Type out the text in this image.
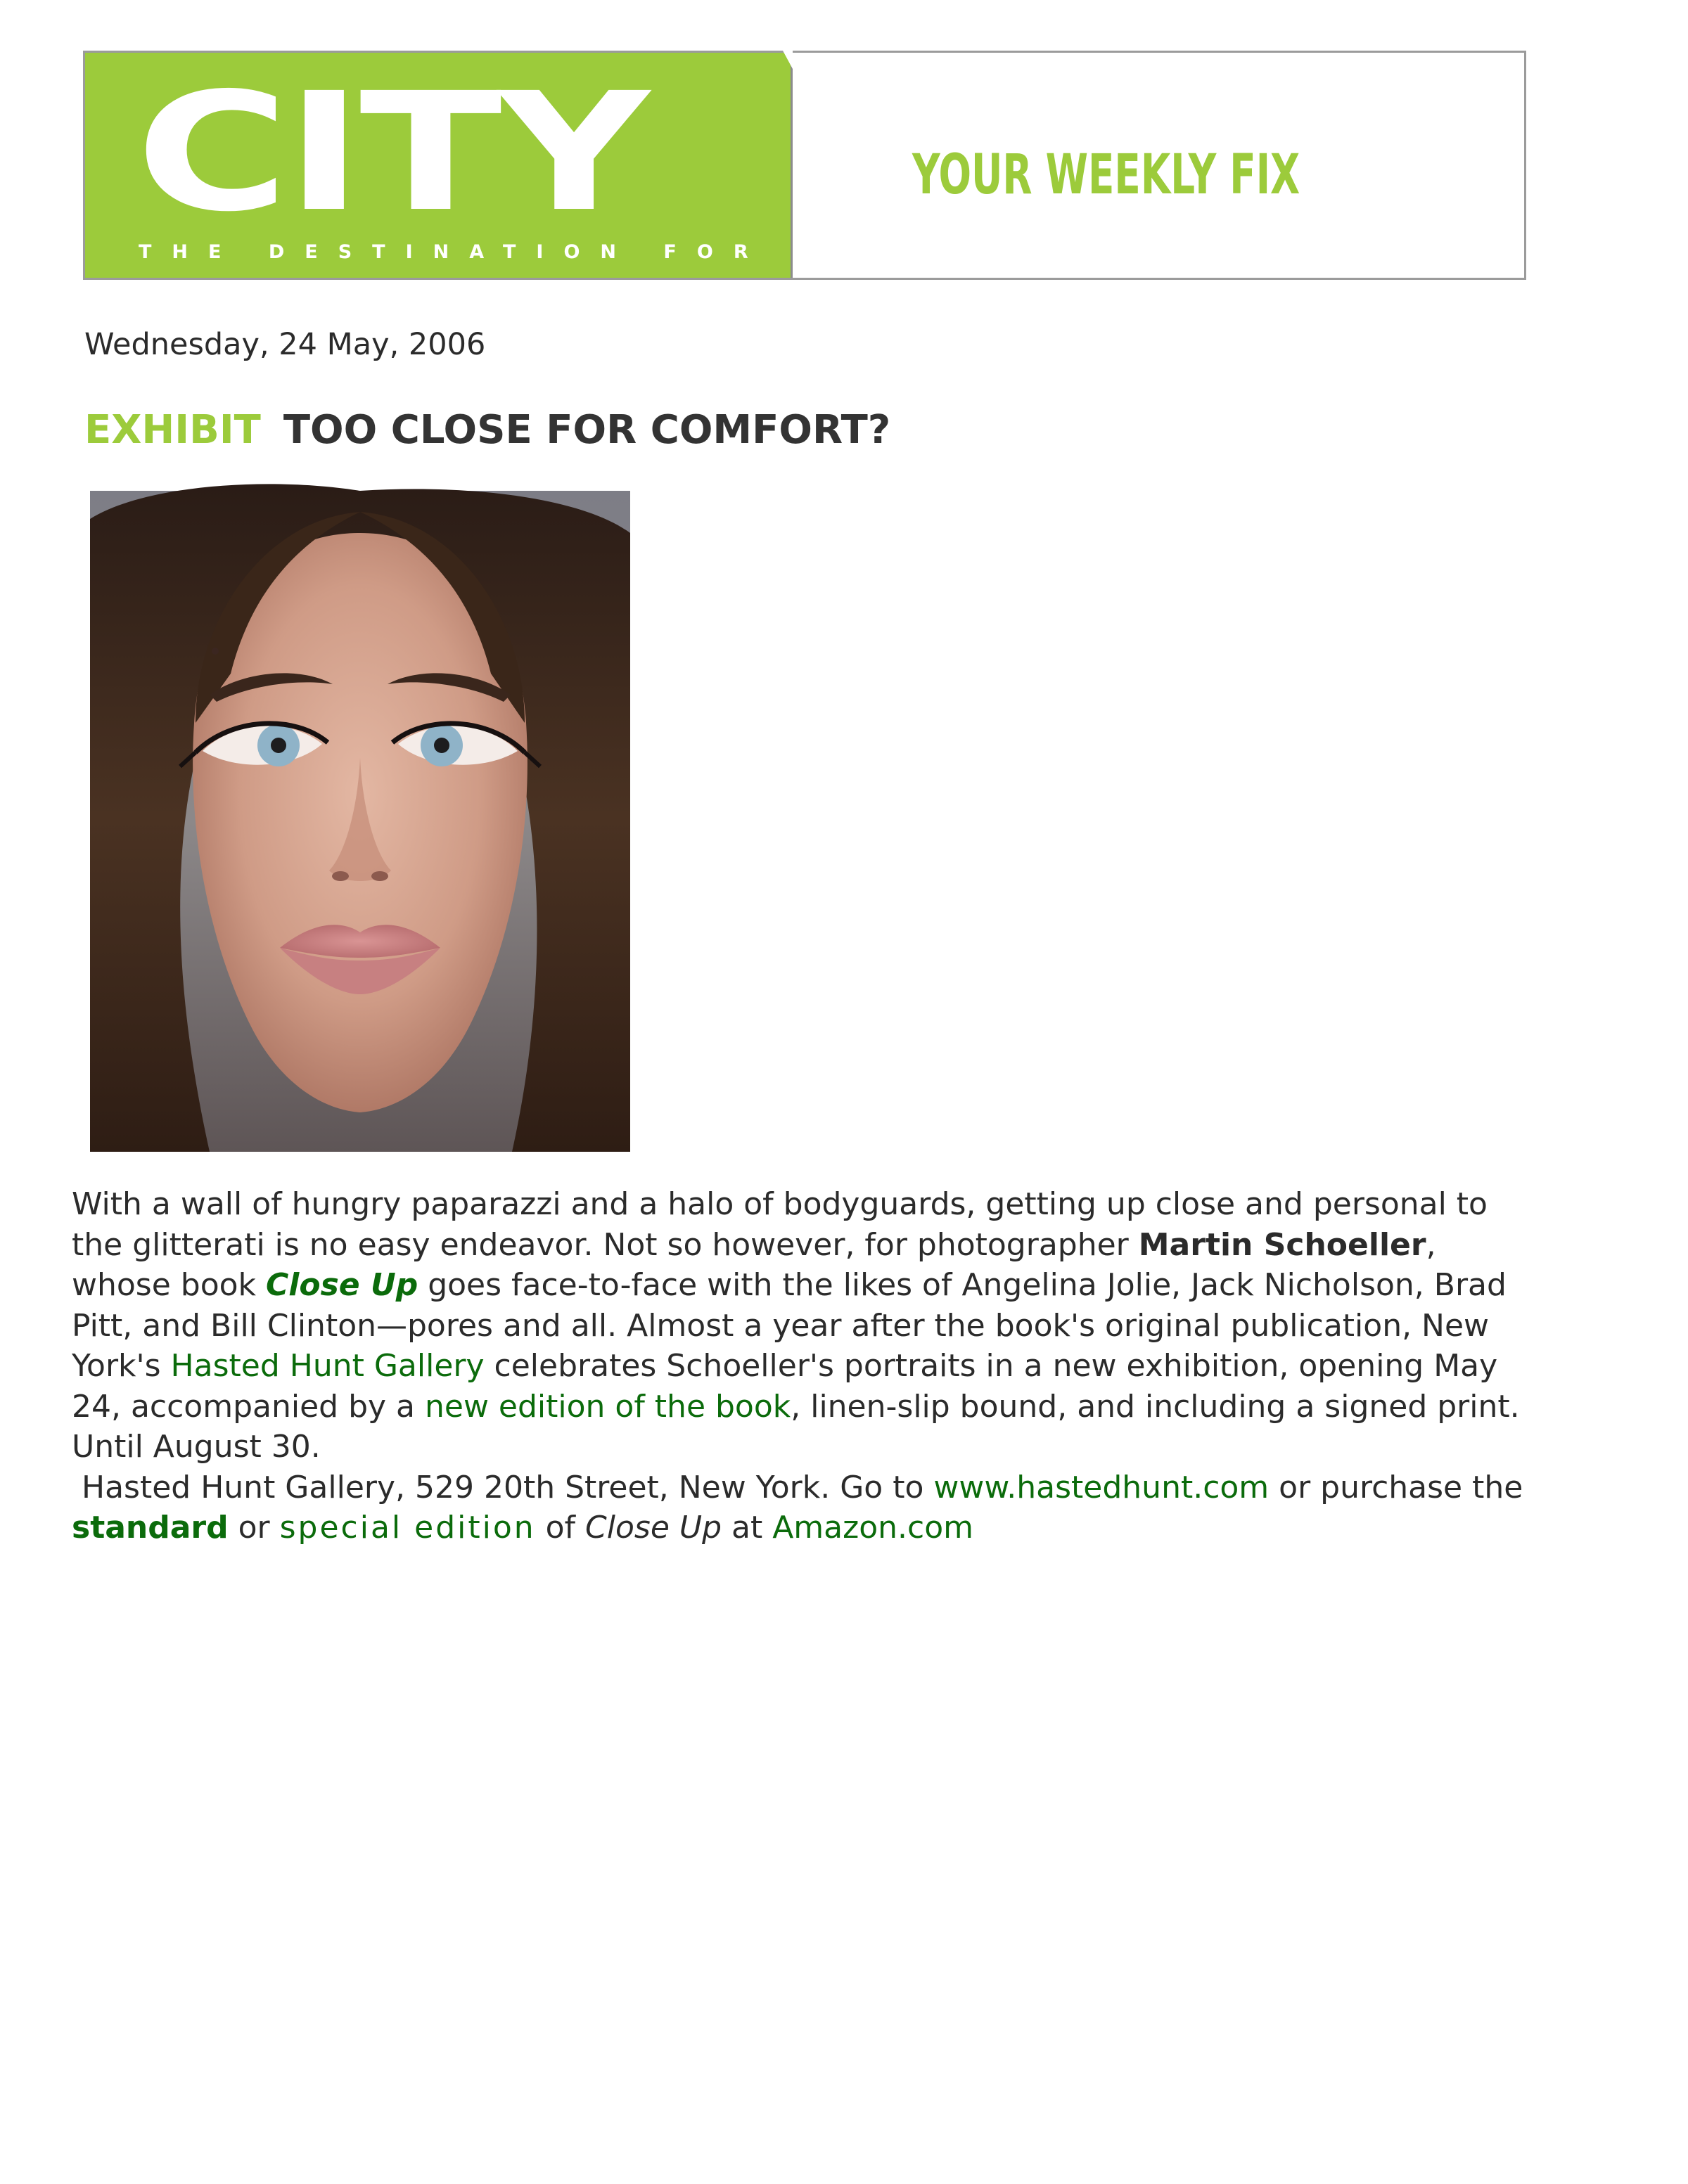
CITY
THE DESTINATION FOR STYLE
YOUR WEEKLY FIX
Wednesday, 24 May, 2006
EXHIBIT TOO CLOSE FOR COMFORT?
With a wall of hungry paparazzi and a halo of bodyguards, getting up close and personal to the glitterati is no easy endeavor. Not so however, for photographer Martin Schoeller, whose book Close Up goes face-to-face with the likes of Angelina Jolie, Jack Nicholson, Brad Pitt, and Bill Clinton—pores and all. Almost a year after the book's original publication, New York's Hasted Hunt Gallery celebrates Schoeller's portraits in a new exhibition, opening May 24, accompanied by a new edition of the book, linen-slip bound, and including a signed print. Until August 30.
Hasted Hunt Gallery, 529 20th Street, New York. Go to www.hastedhunt.com or purchase the standard or special edition of Close Up at Amazon.com
